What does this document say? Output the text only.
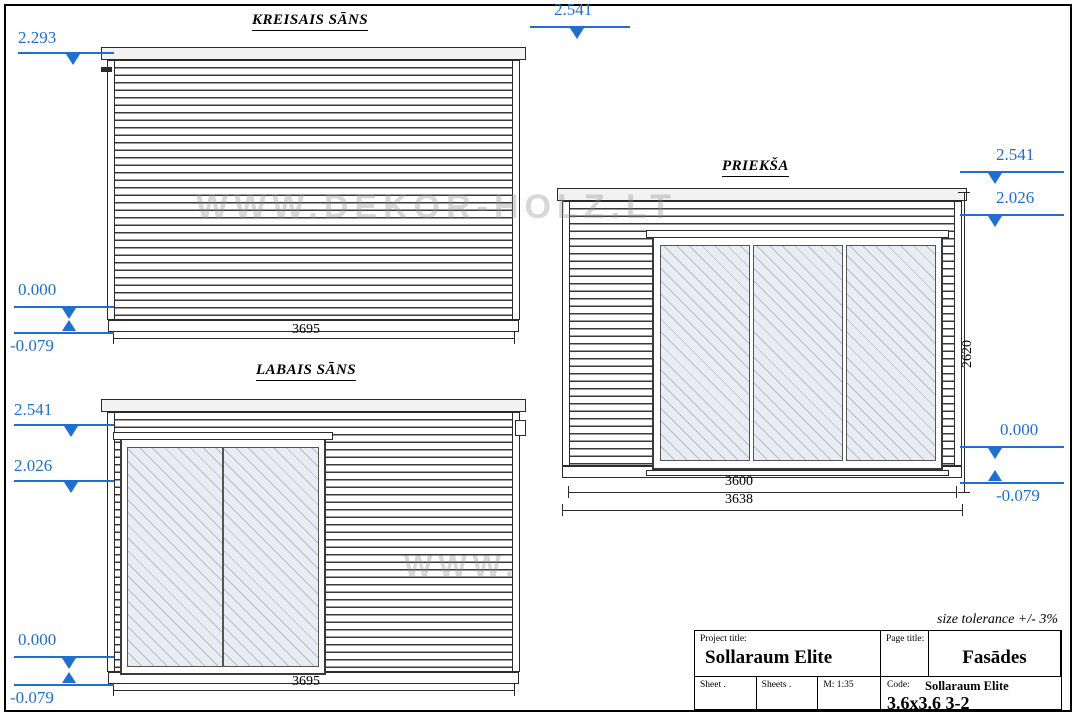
KREISAIS SĀNS
3695
2.293
2.541
0.000
-0.079
LABAIS SĀNS
WWW.
3695
2.541
2.026
0.000
-0.079
PRIEKŠA
2620
3600
3638
2.541
2.026
0.000
-0.079
WWW.DEKOR-HOLZ.LT
size tolerance +/- 3%
Project title:
Sollaraum Elite
Page title:
Fasādes
Sheet .	Sheets .	M: 1:35	Code: Sollaraum Elite
3.6x3.6 3-2
